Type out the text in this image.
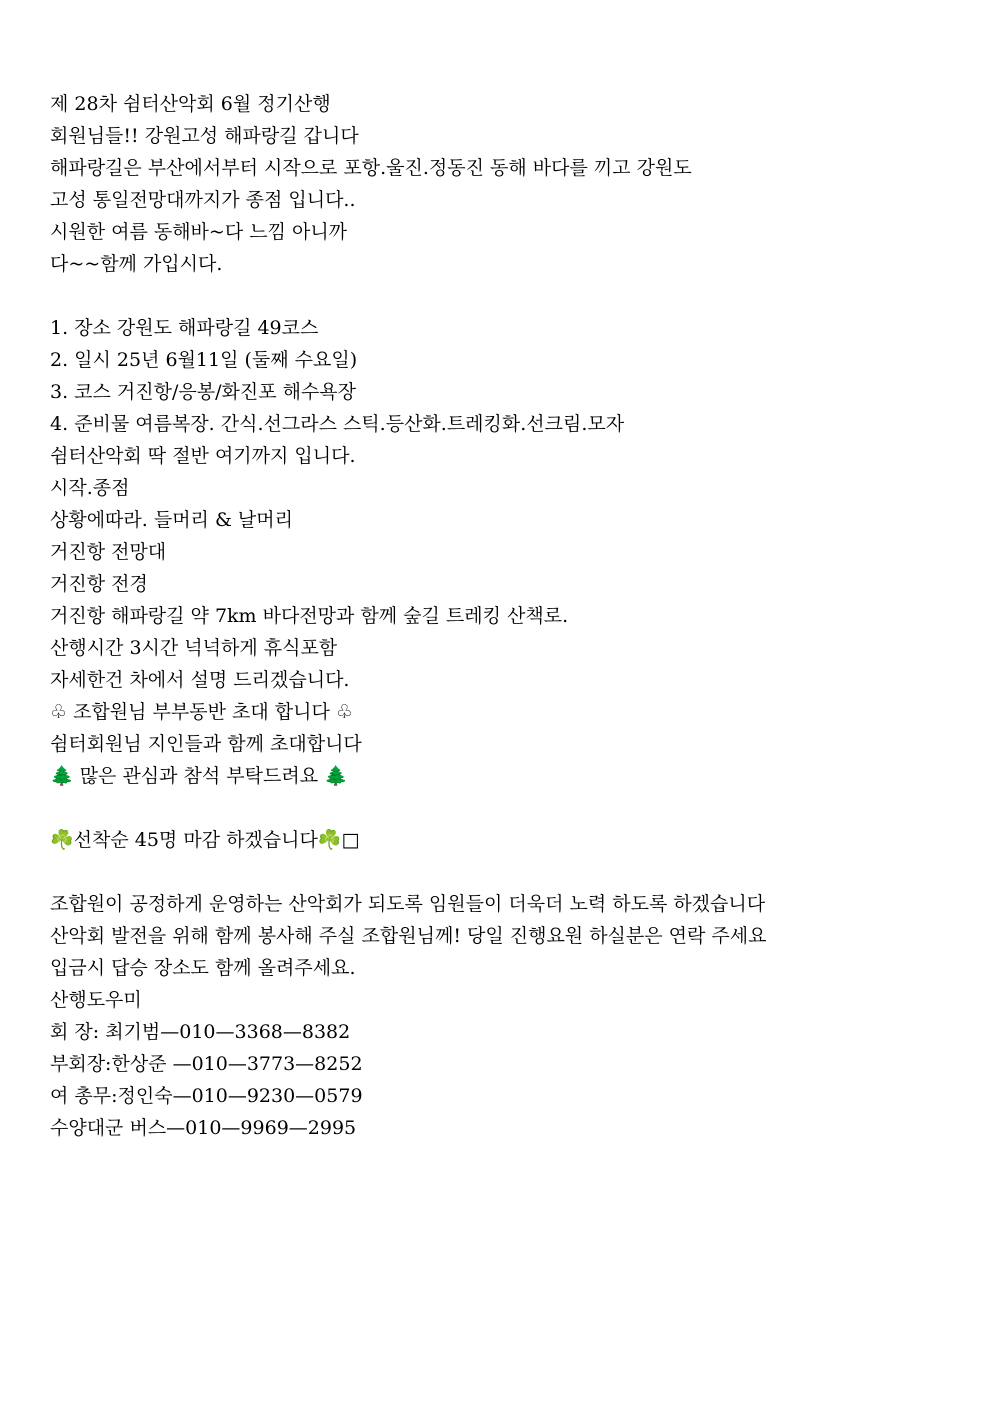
제 28차 쉼터산악회 6월 정기산행
회원님들!! 강원고성 해파랑길 갑니다
해파랑길은 부산에서부터 시작으로 포항.울진.정동진 동해 바다를 끼고 강원도
고성 통일전망대까지가 종점 입니다..
시원한 여름 동해바~다 느낌 아니까
다~~함께 가입시다.
1. 장소 강원도 해파랑길 49코스
2. 일시 25년 6월11일 (둘째 수요일)
3. 코스 거진항/응봉/화진포 해수욕장
4. 준비물 여름복장. 간식.선그라스 스틱.등산화.트레킹화.선크림.모자
쉼터산악회 딱 절반 여기까지 입니다.
시작.종점
상황에따라. 들머리 & 날머리
거진항 전망대
거진항 전경
거진항 해파랑길 약 7km 바다전망과 함께 숲길 트레킹 산책로.
산행시간 3시간 넉넉하게 휴식포함
자세한건 차에서 설명 드리겠습니다.
♧ 조합원님 부부동반 초대 합니다 ♧
쉼터회원님 지인들과 함께 초대합니다
🌲 많은 관심과 참석 부탁드려요 🌲
☘️선착순 45명 마감 하겠습니다☘️□
조합원이 공정하게 운영하는 산악회가 되도록 임원들이 더욱더 노력 하도록 하겠습니다
산악회 발전을 위해 함께 봉사해 주실 조합원님께! 당일 진행요원 하실분은 연락 주세요
입금시 답승 장소도 함께 올려주세요.
산행도우미
회 장: 최기범—010—3368—8382
부회장:한상준 —010—3773—8252
여 총무:정인숙—010—9230—0579
수양대군 버스—010—9969—2995
